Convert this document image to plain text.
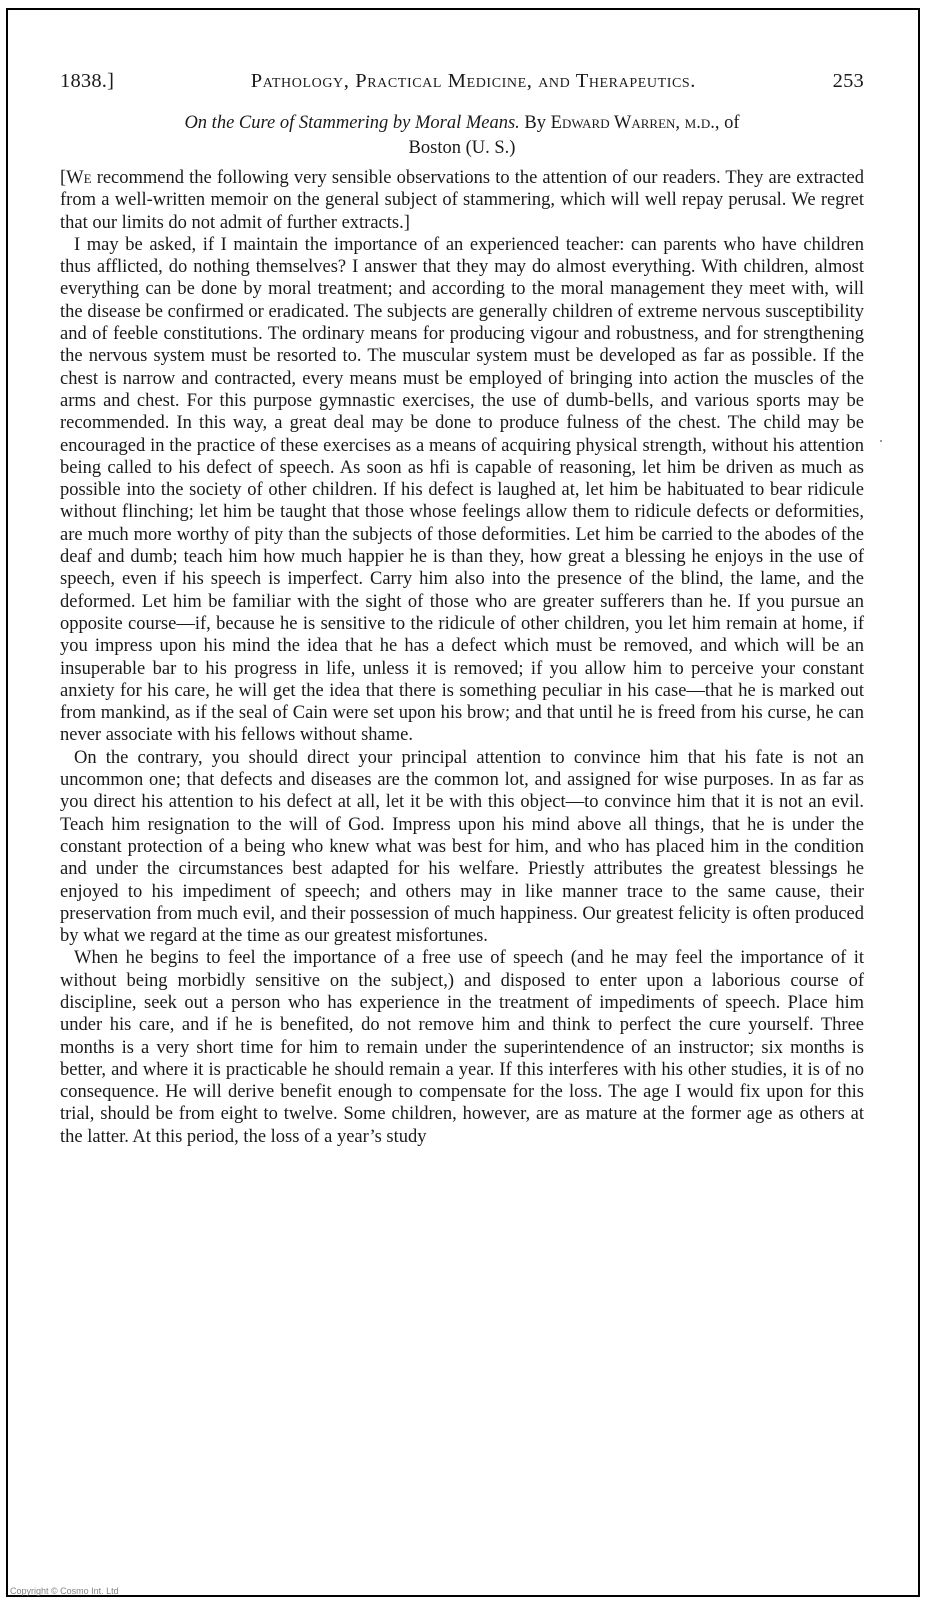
1838.]	Pathology, Practical Medicine, and Therapeutics.	253
On the Cure of Stammering by Moral Means. By Edward Warren, m.d., of
Boston (U. S.)

[We recommend the following very sensible observations to the attention of our readers. They are extracted from a well-written memoir on the general subject of stammering, which will well repay perusal. We regret that our limits do not admit of further extracts.]

I may be asked, if I maintain the importance of an experienced teacher: can parents who have children thus afflicted, do nothing themselves? I answer that they may do almost everything. With children, almost everything can be done by moral treatment; and according to the moral management they meet with, will the disease be confirmed or eradicated. The subjects are generally children of extreme nervous susceptibility and of feeble constitutions. The ordinary means for producing vigour and robustness, and for strengthening the nervous system must be resorted to. The muscular system must be developed as far as possible. If the chest is narrow and contracted, every means must be employed of bringing into action the muscles of the arms and chest. For this purpose gymnastic exercises, the use of dumb-bells, and various sports may be recommended. In this way, a great deal may be done to produce fulness of the chest. The child may be encouraged in the practice of these exercises as a means of acquiring physical strength, without his attention being called to his defect of speech. As soon as hfi is capable of reasoning, let him be driven as much as possible into the society of other children. If his defect is laughed at, let him be habituated to bear ridicule without flinching; let him be taught that those whose feelings allow them to ridicule defects or deformities, are much more worthy of pity than the subjects of those deformities. Let him be carried to the abodes of the deaf and dumb; teach him how much happier he is than they, how great a blessing he enjoys in the use of speech, even if his speech is imperfect. Carry him also into the presence of the blind, the lame, and the deformed. Let him be familiar with the sight of those who are greater sufferers than he. If you pursue an opposite course—if, because he is sensitive to the ridicule of other children, you let him remain at home, if you impress upon his mind the idea that he has a defect which must be removed, and which will be an insuperable bar to his progress in life, unless it is removed; if you allow him to perceive your constant anxiety for his care, he will get the idea that there is something peculiar in his case—that he is marked out from mankind, as if the seal of Cain were set upon his brow; and that until he is freed from his curse, he can never associate with his fellows without shame.

On the contrary, you should direct your principal attention to convince him that his fate is not an uncommon one; that defects and diseases are the common lot, and assigned for wise purposes. In as far as you direct his attention to his defect at all, let it be with this object—to convince him that it is not an evil. Teach him resignation to the will of God. Impress upon his mind above all things, that he is under the constant protection of a being who knew what was best for him, and who has placed him in the condition and under the circumstances best adapted for his welfare. Priestly attributes the greatest blessings he enjoyed to his impediment of speech; and others may in like manner trace to the same cause, their preservation from much evil, and their possession of much happiness. Our greatest felicity is often produced by what we regard at the time as our greatest misfortunes.

When he begins to feel the importance of a free use of speech (and he may feel the importance of it without being morbidly sensitive on the subject,) and disposed to enter upon a laborious course of discipline, seek out a person who has experience in the treatment of impediments of speech. Place him under his care, and if he is benefited, do not remove him and think to perfect the cure yourself. Three months is a very short time for him to remain under the superintendence of an instructor; six months is better, and where it is practicable he should remain a year. If this interferes with his other studies, it is of no consequence. He will derive benefit enough to compensate for the loss. The age I would fix upon for this trial, should be from eight to twelve. Some children, however, are as mature at the former age as others at the latter. At this period, the loss of a year’s study

Copyright © Cosmo Int. Ltd
